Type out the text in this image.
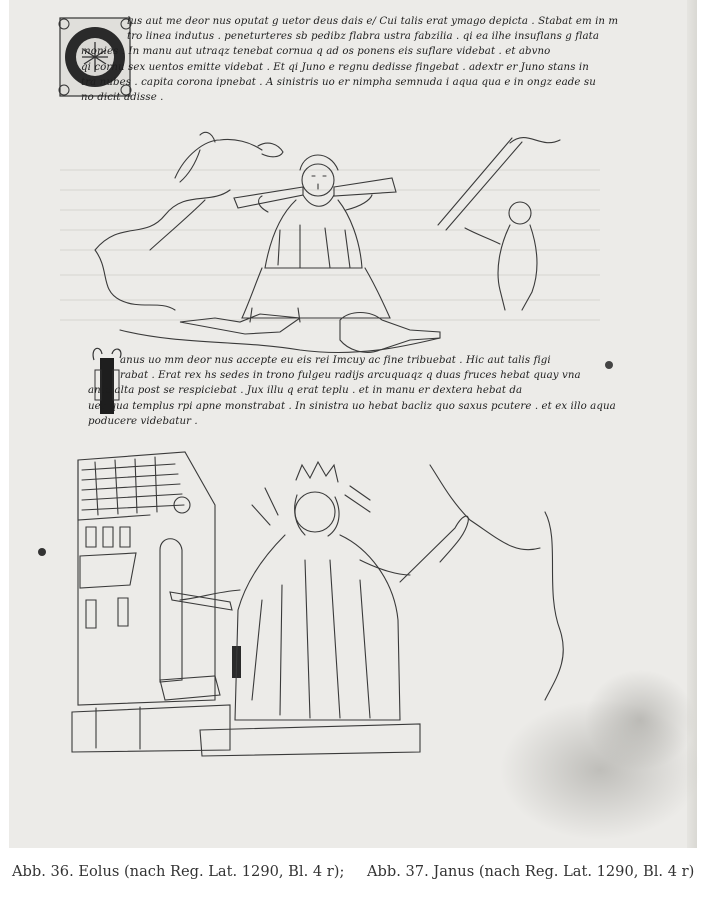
lus aut me deor nus oputat g uetor deus dais e/ Cui talis erat ymago depicta . Stabat em in m
tro linea indutus . peneturteres sb pedibz flabra ustra fabzilia . qi ea ilhe insuflans g flata
monies . In manu aut utraqz tenebat cornua q ad os ponens eis suflare videbat . et abvno
qi cornu sex uentos emitte videbat . Et qi Juno e regnu dedisse fingebat . adextr er Juno stans in
tra nubes . capita corona ipnebat . A sinistris uo er nimpha semnuda i aqua qua e in ongz eade su
no dicit adisse .
anus uo mm deor nus accepte eu eis rei Imcuy ac fine tribuebat . Hic aut talis figi
rabat . Erat rex hs sedes in trono fulgeu radijs arcuquaqz q duas fruces hebat quay vna
ante alta post se respiciebat . Jux illu q erat teplu . et in manu er dextera hebat da
ues qua templus rpi apne monstrabat . In sinistra uo hebat bacliz quo saxus pcutere . et ex illo aqua
poducere videbatur .
Abb. 36. Eolus (nach Reg. Lat. 1290, Bl. 4 r); Abb. 37. Janus (nach Reg. Lat. 1290, Bl. 4 r)
